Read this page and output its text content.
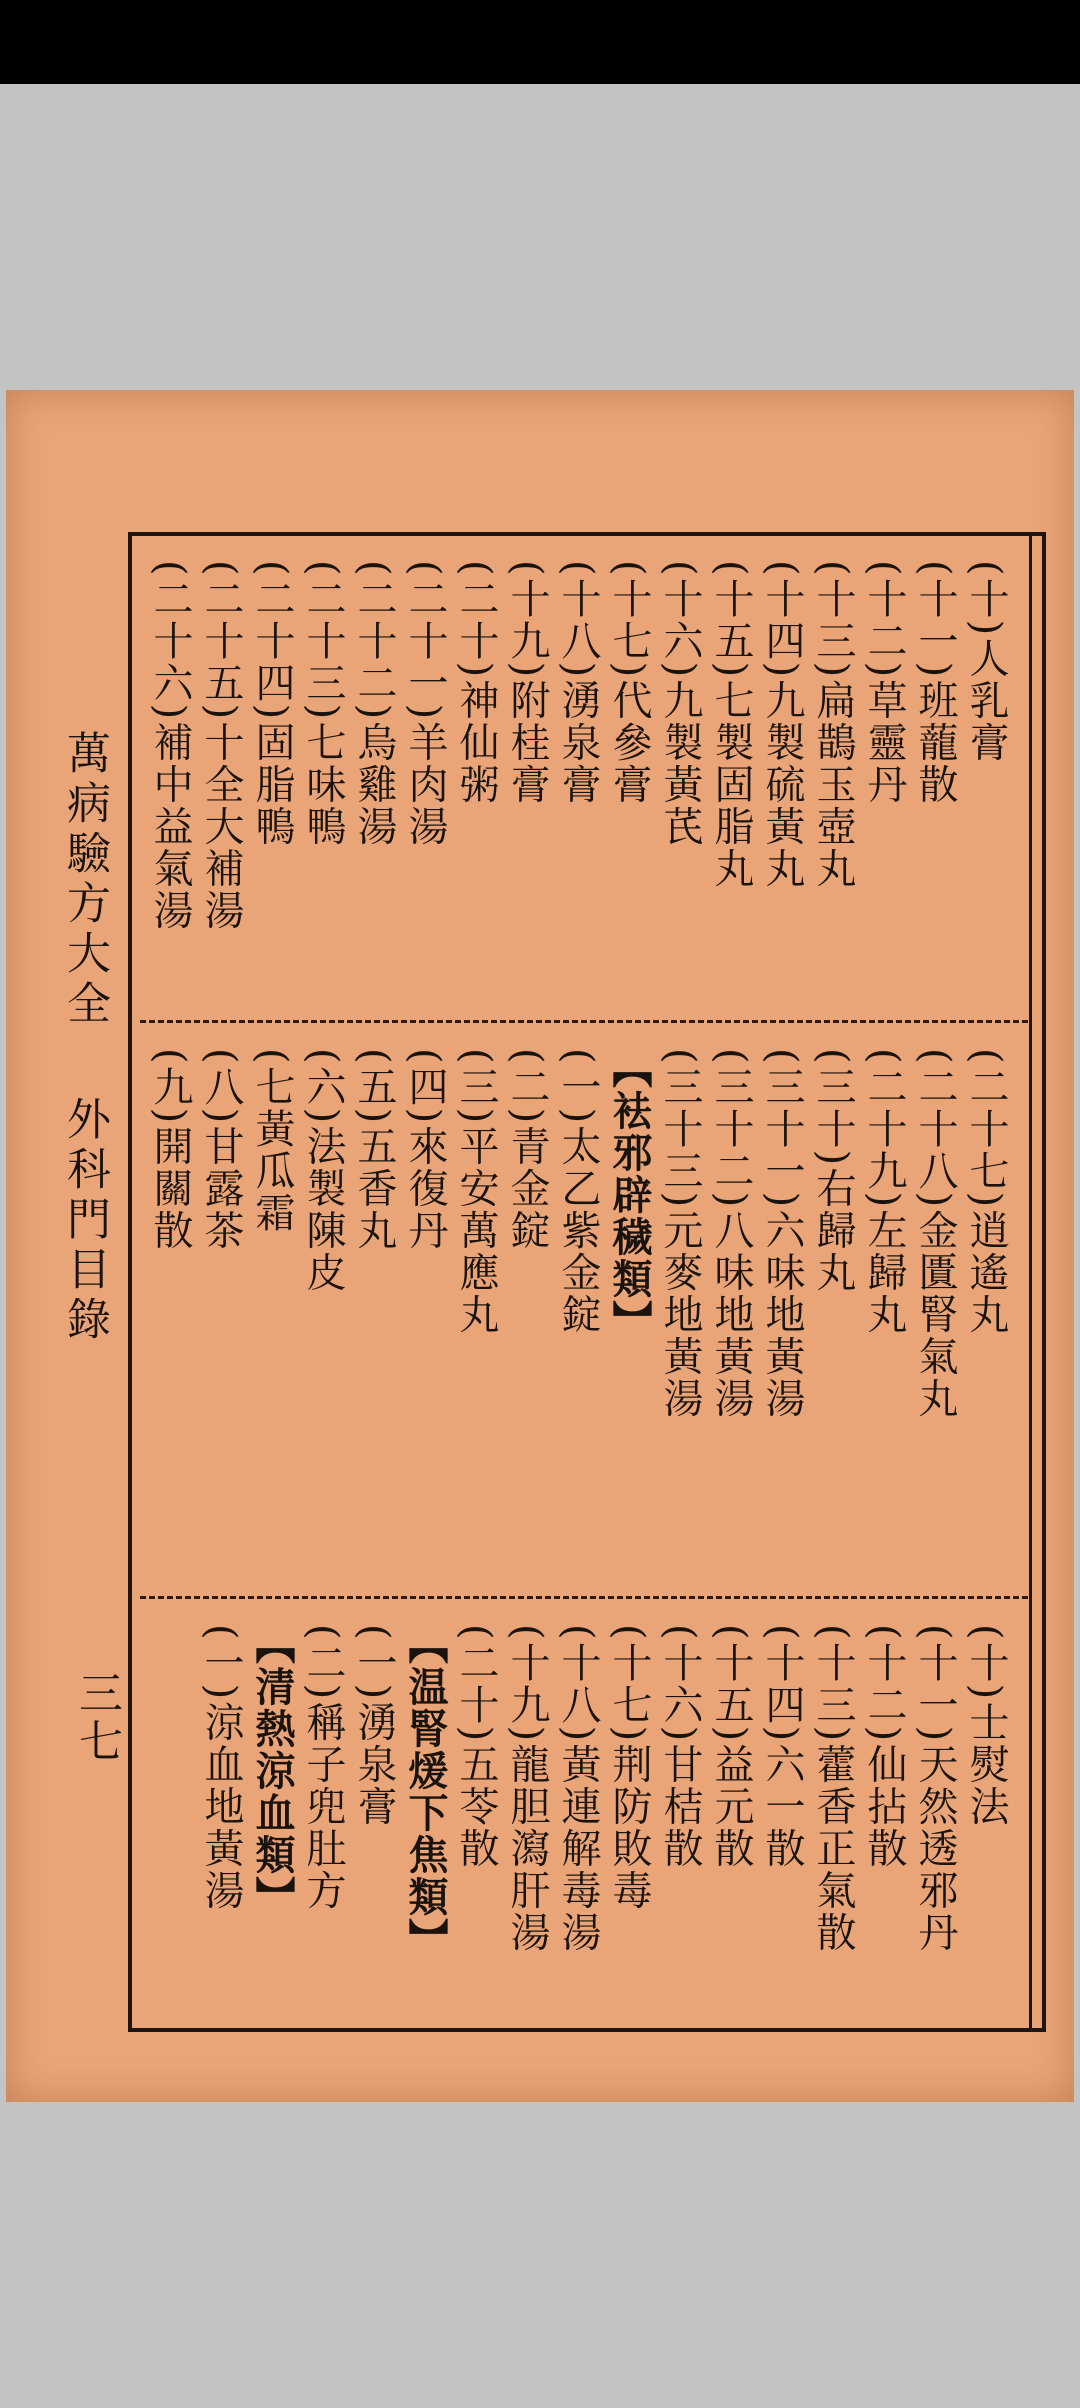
(十)人乳膏
(十一)班蘢散
(十二)草靈丹
(十三)扁鵲玉壺丸
(十四)九製硫黃丸
(十五)七製固脂丸
(十六)九製黃芪
(十七)代參膏
(十八)湧泉膏
(十九)附桂膏
(二十)神仙粥
(二十一)羊肉湯
(二十二)烏雞湯
(二十三)七味鴨
(二十四)固脂鴨
(二十五)十全大補湯
(二十六)補中益氣湯
(二十七)逍遙丸
(二十八)金匱腎氣丸
(二十九)左歸丸
(三十)右歸丸
(三十一)六味地黃湯
(三十二)八味地黃湯
(三十三)元麥地黃湯
【袪邪辟穢類】
(一)太乙紫金錠
(二)青金錠
(三)平安萬應丸
(四)來復丹
(五)五香丸
(六)法製陳皮
(七黃瓜霜
(八)甘露茶
(九)開關散
(十)士熨法
(十一)天然透邪丹
(十二)仙拈散
(十三)藿香正氣散
(十四)六一散
(十五)益元散
(十六)甘桔散
(十七)荆防敗毒
(十八)黃連解毒湯
(十九)龍胆瀉肝湯
(二十)五苓散
【温腎煖下焦類】
(一)湧泉膏
(二)稱子兜肚方
【清熱涼血類】
(一)涼血地黃湯
萬病驗方大全  外科門目錄
三七
